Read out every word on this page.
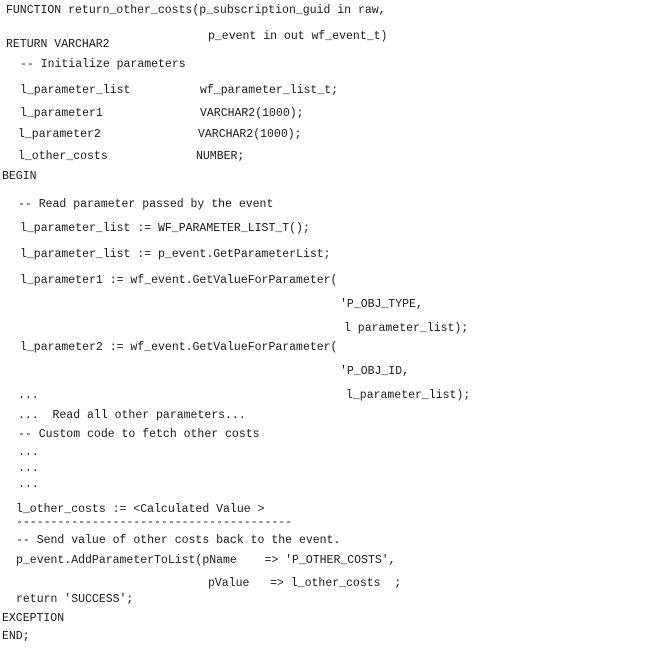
FUNCTION return_other_costs(p_subscription_guid in raw,
p_event in out wf_event_t)
RETURN VARCHAR2
-- Initialize parameters
l_parameter_list	wf_parameter_list_t;
l_parameter1	VARCHAR2(1000);
l_parameter2	VARCHAR2(1000);
l_other_costs	NUMBER;
BEGIN
-- Read parameter passed by the event
l_parameter_list := WF_PARAMETER_LIST_T();
l_parameter_list := p_event.GetParameterList;
l_parameter1 := wf_event.GetValueForParameter(
'P_OBJ_TYPE,
l parameter_list);
l_parameter2 := wf_event.GetValueForParameter(
'P_OBJ_ID,
l_parameter_list);
...
...  Read all other parameters...
-- Custom code to fetch other costs
...
...
...
l_other_costs := <Calculated Value >
----------------------------------------
-- Send value of other costs back to the event.
p_event.AddParameterToList(pName    => 'P_OTHER_COSTS',
pValue   => l_other_costs  ;
return 'SUCCESS';
EXCEPTION
END;
